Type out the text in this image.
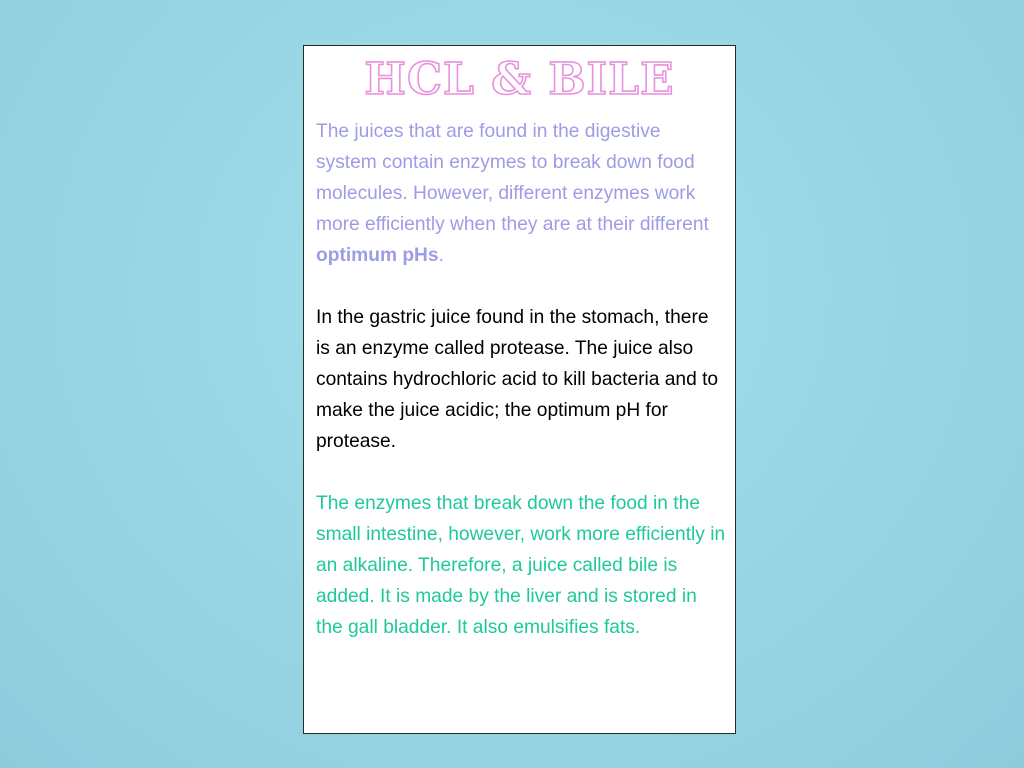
HCL & BILE

The juices that are found in the digestive system contain enzymes to break down food molecules. However, different enzymes work more efficiently when they are at their different optimum pHs.

In the gastric juice found in the stomach, there is an enzyme called protease. The juice also contains hydrochloric acid to kill bacteria and to make the juice acidic; the optimum pH for protease.

The enzymes that break down the food in the small intestine, however, work more efficiently in an alkaline. Therefore, a juice called bile is added. It is made by the liver and is stored in the gall bladder. It also emulsifies fats.
